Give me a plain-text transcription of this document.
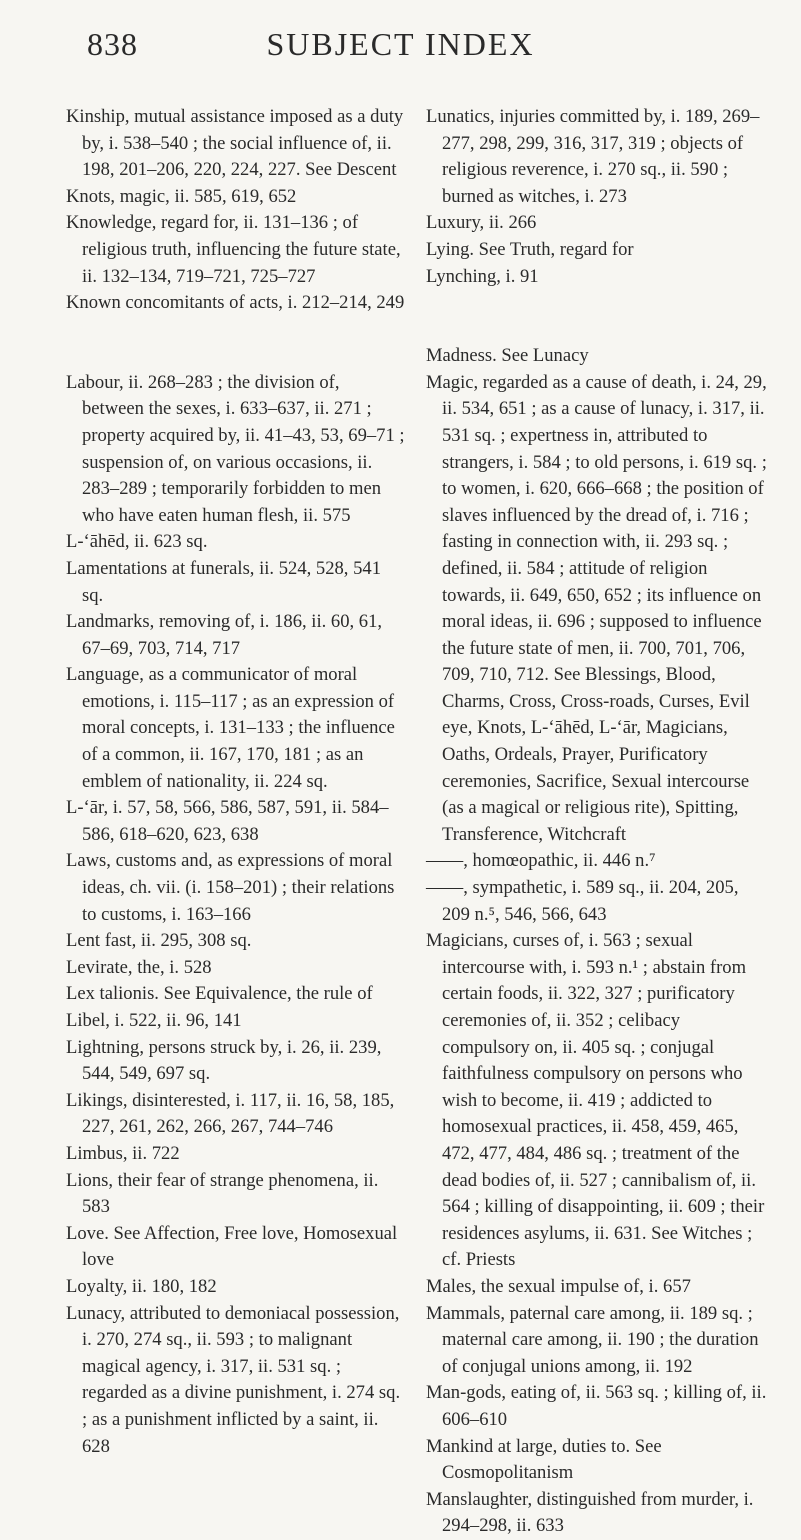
838	SUBJECT INDEX

Kinship, mutual assistance imposed as a duty by, i. 538–540 ; the social influence of, ii. 198, 201–206, 220, 224, 227. See Descent

Knots, magic, ii. 585, 619, 652

Knowledge, regard for, ii. 131–136 ; of religious truth, influencing the future state, ii. 132–134, 719–721, 725–727

Known concomitants of acts, i. 212–214, 249

Labour, ii. 268–283 ; the division of, between the sexes, i. 633–637, ii. 271 ; property acquired by, ii. 41–43, 53, 69–71 ; suspension of, on various occasions, ii. 283–289 ; temporarily forbidden to men who have eaten human flesh, ii. 575

L-‘āhēd, ii. 623 sq.

Lamentations at funerals, ii. 524, 528, 541 sq.

Landmarks, removing of, i. 186, ii. 60, 61, 67–69, 703, 714, 717

Language, as a communicator of moral emotions, i. 115–117 ; as an expression of moral concepts, i. 131–133 ; the influence of a common, ii. 167, 170, 181 ; as an emblem of nationality, ii. 224 sq.

L-‘ār, i. 57, 58, 566, 586, 587, 591, ii. 584–586, 618–620, 623, 638

Laws, customs and, as expressions of moral ideas, ch. vii. (i. 158–201) ; their relations to customs, i. 163–166

Lent fast, ii. 295, 308 sq.

Levirate, the, i. 528

Lex talionis. See Equivalence, the rule of

Libel, i. 522, ii. 96, 141

Lightning, persons struck by, i. 26, ii. 239, 544, 549, 697 sq.

Likings, disinterested, i. 117, ii. 16, 58, 185, 227, 261, 262, 266, 267, 744–746

Limbus, ii. 722

Lions, their fear of strange phenomena, ii. 583

Love. See Affection, Free love, Homosexual love

Loyalty, ii. 180, 182

Lunacy, attributed to demoniacal possession, i. 270, 274 sq., ii. 593 ; to malignant magical agency, i. 317, ii. 531 sq. ; regarded as a divine punishment, i. 274 sq. ; as a punishment inflicted by a saint, ii. 628

Lunatics, injuries committed by, i. 189, 269–277, 298, 299, 316, 317, 319 ; objects of religious reverence, i. 270 sq., ii. 590 ; burned as witches, i. 273

Luxury, ii. 266

Lying. See Truth, regard for

Lynching, i. 91

Madness. See Lunacy

Magic, regarded as a cause of death, i. 24, 29, ii. 534, 651 ; as a cause of lunacy, i. 317, ii. 531 sq. ; expertness in, attributed to strangers, i. 584 ; to old persons, i. 619 sq. ; to women, i. 620, 666–668 ; the position of slaves influenced by the dread of, i. 716 ; fasting in connection with, ii. 293 sq. ; defined, ii. 584 ; attitude of religion towards, ii. 649, 650, 652 ; its influence on moral ideas, ii. 696 ; supposed to influence the future state of men, ii. 700, 701, 706, 709, 710, 712. See Blessings, Blood, Charms, Cross, Cross-roads, Curses, Evil eye, Knots, L-‘āhēd, L-‘ār, Magicians, Oaths, Ordeals, Prayer, Purificatory ceremonies, Sacrifice, Sexual intercourse (as a magical or religious rite), Spitting, Transference, Witchcraft

——, homœopathic, ii. 446 n.⁷

——, sympathetic, i. 589 sq., ii. 204, 205, 209 n.⁵, 546, 566, 643

Magicians, curses of, i. 563 ; sexual intercourse with, i. 593 n.¹ ; abstain from certain foods, ii. 322, 327 ; purificatory ceremonies of, ii. 352 ; celibacy compulsory on, ii. 405 sq. ; conjugal faithfulness compulsory on persons who wish to become, ii. 419 ; addicted to homosexual practices, ii. 458, 459, 465, 472, 477, 484, 486 sq. ; treatment of the dead bodies of, ii. 527 ; cannibalism of, ii. 564 ; killing of disappointing, ii. 609 ; their residences asylums, ii. 631. See Witches ; cf. Priests

Males, the sexual impulse of, i. 657

Mammals, paternal care among, ii. 189 sq. ; maternal care among, ii. 190 ; the duration of conjugal unions among, ii. 192

Man-gods, eating of, ii. 563 sq. ; killing of, ii. 606–610

Mankind at large, duties to. See Cosmopolitanism

Manslaughter, distinguished from murder, i. 294–298, ii. 633
